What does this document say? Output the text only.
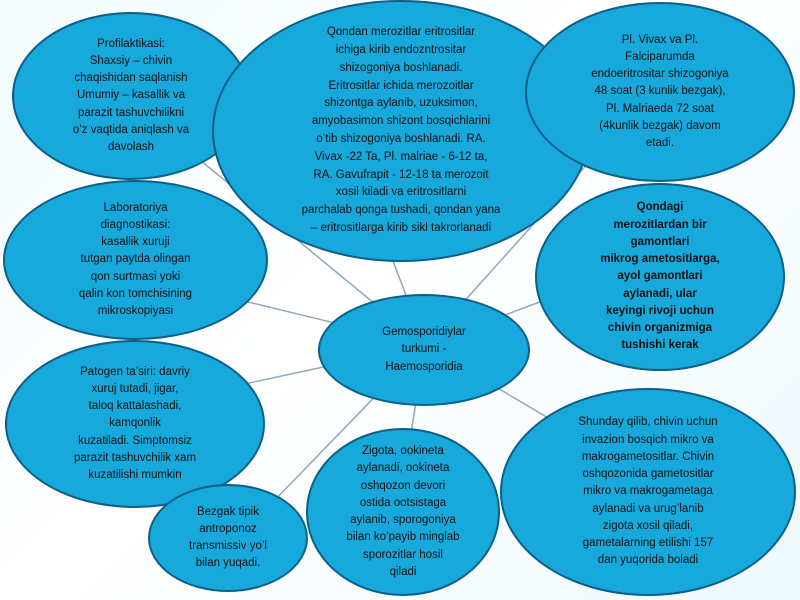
Profilaktikasi:
Shaxsiy – chivin
chaqishidan saqlanish
Umumiy – kasallik va
parazit tashuvchilikni
o’z vaqtida aniqlash va
davolash
Qondan merozitlar eritrositlar
ichiga kirib endozntrositar
shizogoniya boshlanadi.
Eritrositlar ichida merozoitlar
shizontga aylanib, uzuksimon,
amyobasimon shizont bosqichlarini
o’tib shizogoniya boshlanadi. RA.
Vivax -22 Ta, Pl. malriae - 6-12 ta,
RA. Gavufrapit - 12-18 ta merozoit
xosil kiladi va eritrositlarni
parchalab qonga tushadi, qondan yana
– eritrositlarga kirib sikl takrorlanadi
Pl. Vivax va Pl.
Falciparumda
endoeritrositar shizogoniya
48 soat (3 kunlik bezgak),
Pl. Malriaeda 72 soat
(4kunlik bezgak) davom
etadi.
Laboratoriya
diagnostikasi:
kasallik xuruji
tutgan paytda olingan
qon surtmasi yoki
qalin kon tomchisining
mikroskopiyasi
Qondagi
merozitlardan bir
gamontlari
mikrog ametositlarga,
ayol gamontlari
aylanadi, ular
keyingi rivoji uchun
chivin organizmiga
tushishi kerak
Gemosporidiylar
turkumi -
Haemosporidia
Patogen ta’siri: davriy
xuruj tutadi, jigar,
taloq kattalashadi,
kamqonlik
kuzatiladi. Simptomsiz
parazit tashuvchilik xam
kuzatilishi mumkin
Shunday qilib, chivin uchun
invazion bosqich mikro va
makrogametositlar. Chivin
oshqozonida gametositlar
mikro va makrogametaga
aylanadi va urug’lanib
zigota xosil qiladi,
gametalarning etilishi 157
dan yuqorida boladi
Zigota, ookineta
aylanadi, ookineta
oshqozon devori
ostida ootsistaga
aylanib, sporogoniya
bilan ko’payib minglab
sporozitlar hosil
qiladi
Bezgak tipik
antroponoz
transmissiv yo’l
bilan yuqadi.
